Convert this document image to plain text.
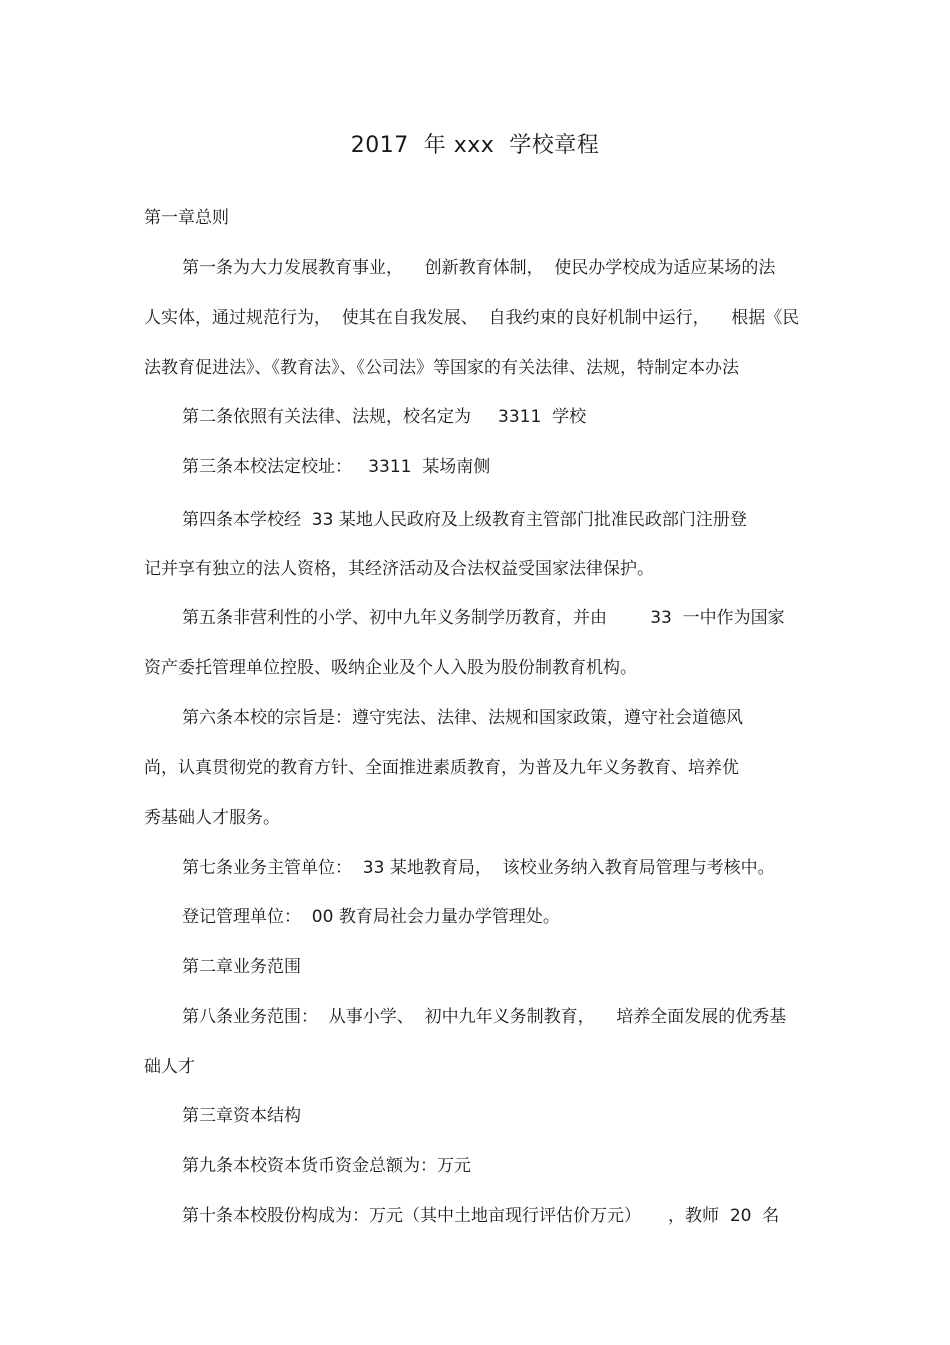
2017  年 xxx  学校章程
第一章总则
第一条为大力发展教育事业，    创新教育体制，  使民办学校成为适应某场的法
人实体，通过规范行为，  使其在自我发展、  自我约束的良好机制中运行，    根据《民
法教育促进法》、《教育法》、《公司法》等国家的有关法律、法规，特制定本办法
第二条依照有关法律、法规，校名定为     3311  学校
第三条本校法定校址：   3311  某场南侧
第四条本学校经  33 某地人民政府及上级教育主管部门批准民政部门注册登
记并享有独立的法人资格，其经济活动及合法权益受国家法律保护。
第五条非营利性的小学、初中九年义务制学历教育，并由        33  一中作为国家
资产委托管理单位控股、吸纳企业及个人入股为股份制教育机构。
第六条本校的宗旨是：遵守宪法、法律、法规和国家政策，遵守社会道德风
尚，认真贯彻党的教育方针、全面推进素质教育，为普及九年义务教育、培养优
秀基础人才服务。
第七条业务主管单位：  33 某地教育局，  该校业务纳入教育局管理与考核中。
登记管理单位：  00 教育局社会力量办学管理处。
第二章业务范围
第八条业务范围：  从事小学、  初中九年义务制教育，    培养全面发展的优秀基
础人才
第三章资本结构
第九条本校资本货币资金总额为：万元
第十条本校股份构成为：万元（其中土地亩现行评估价万元）     ，教师  20  名
